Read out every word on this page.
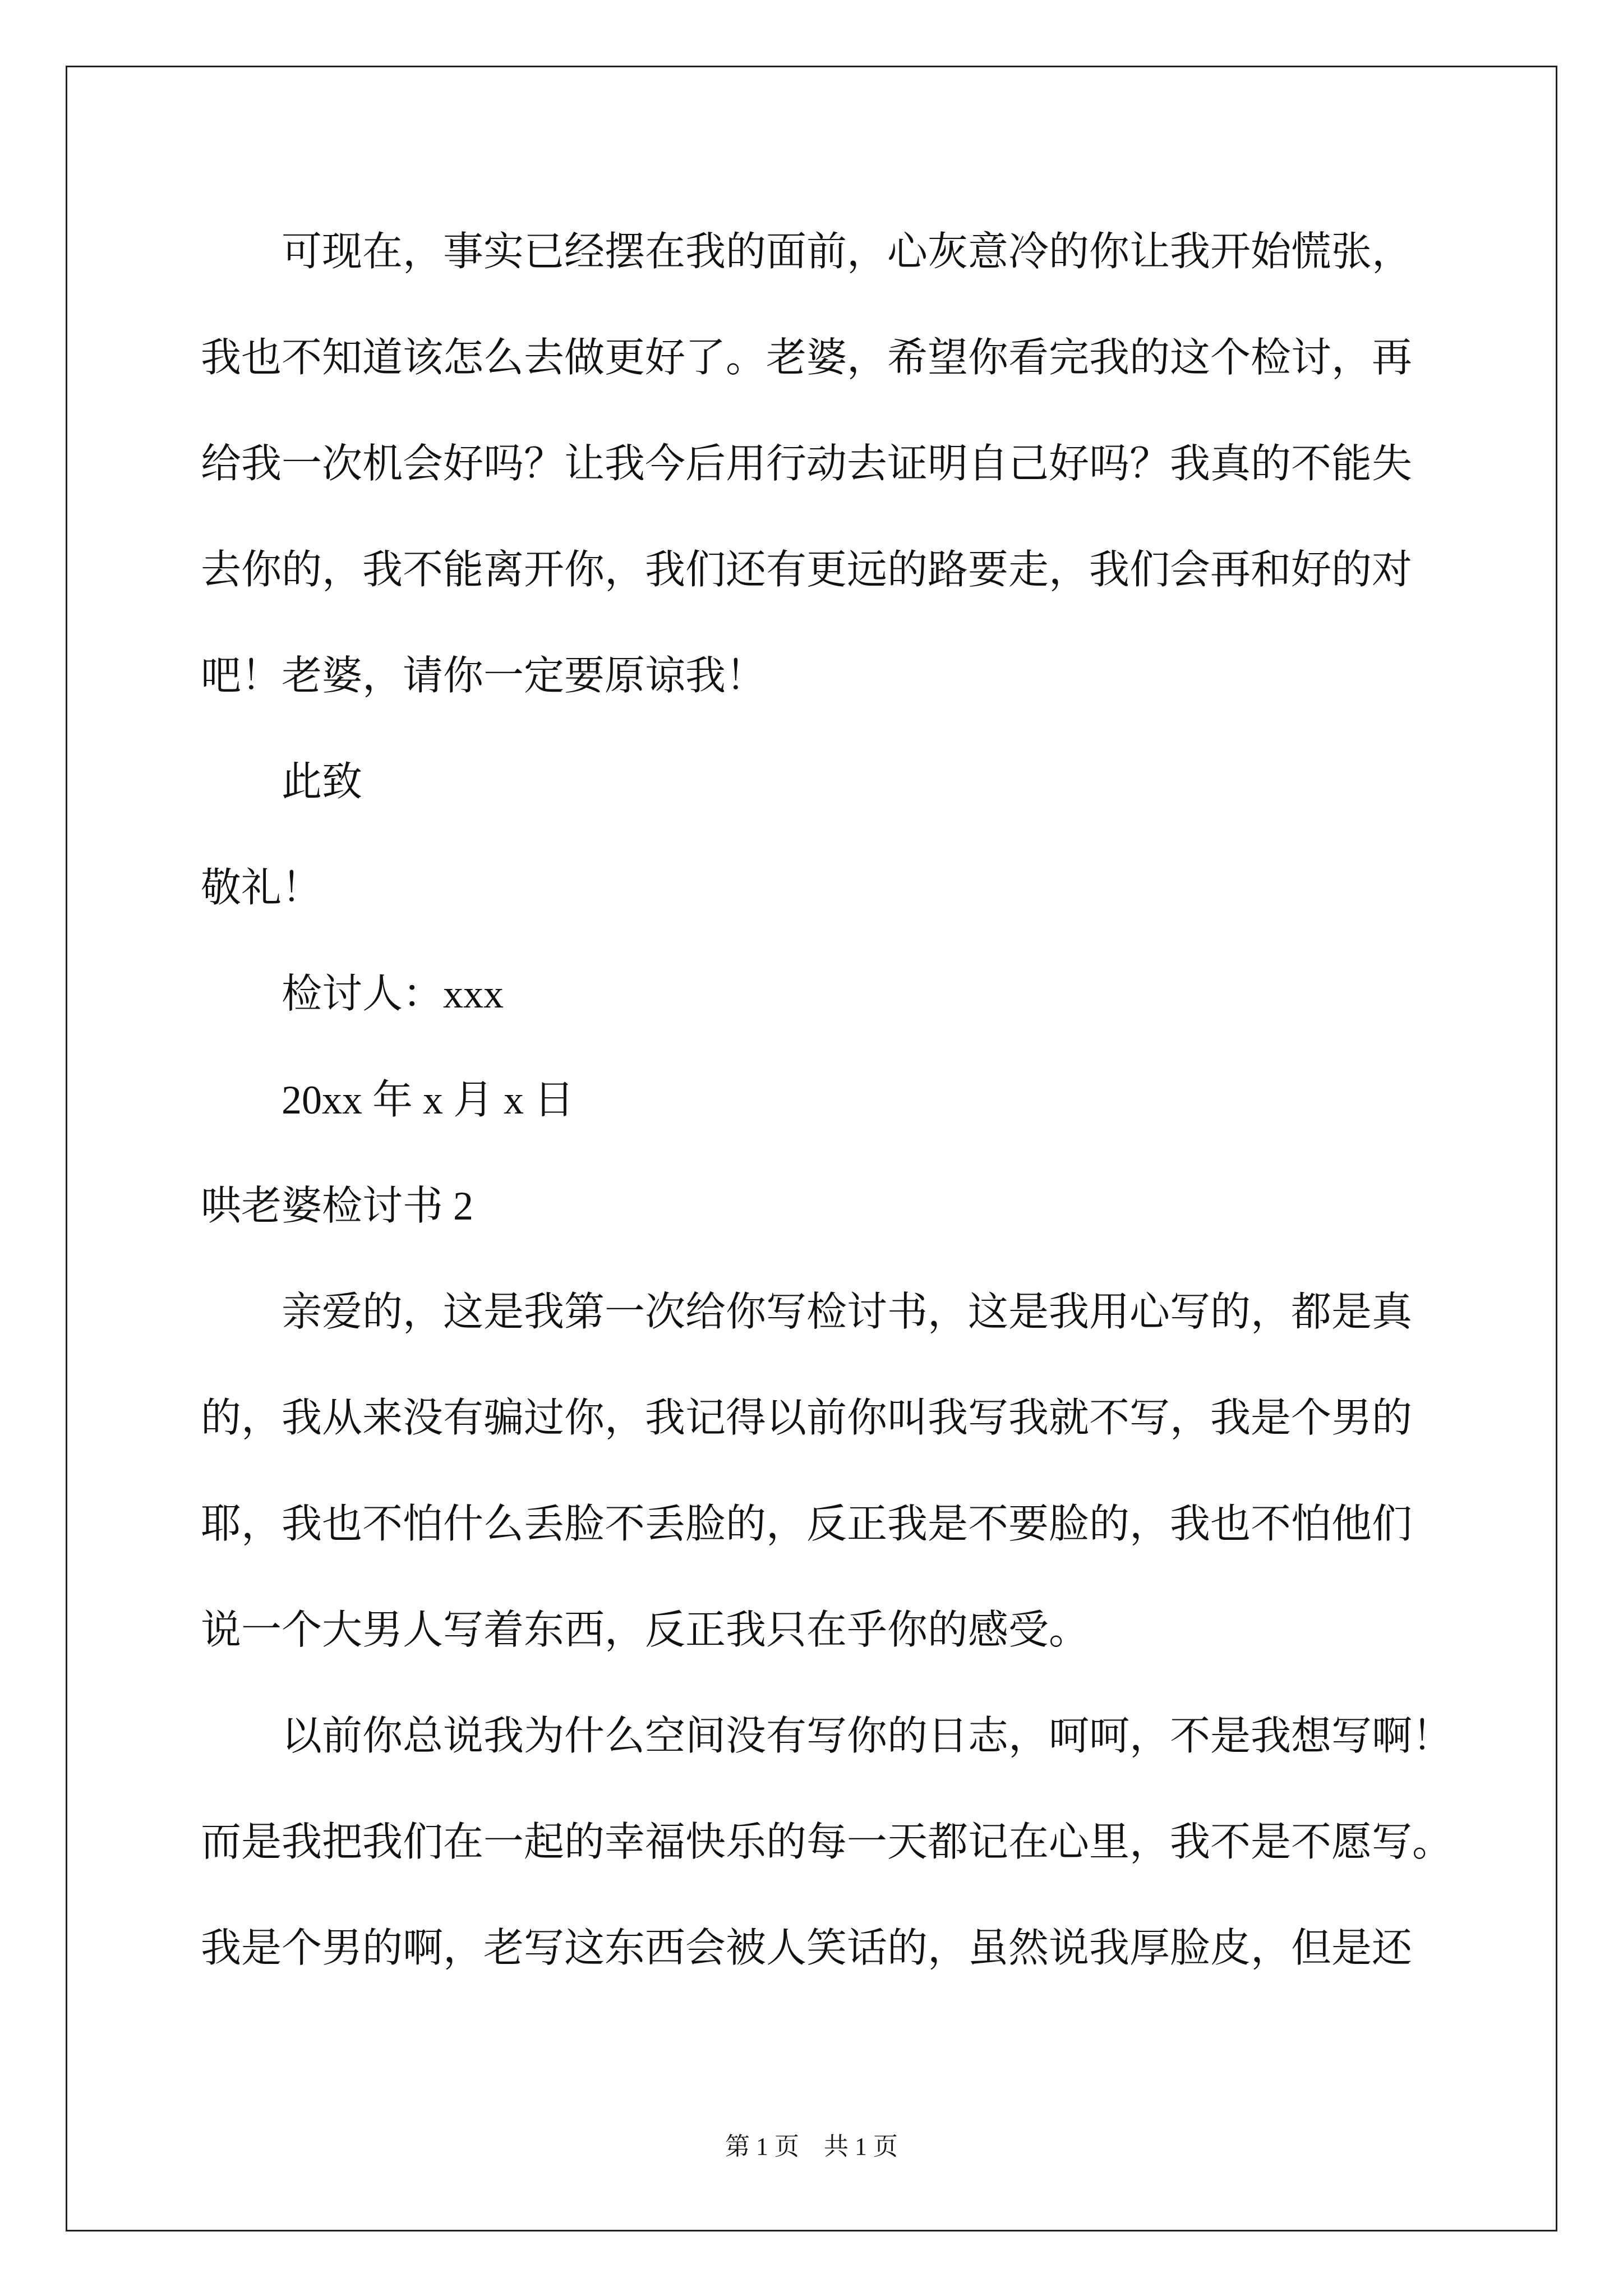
可现在，事实已经摆在我的面前，心灰意冷的你让我开始慌张，
我也不知道该怎么去做更好了。老婆，希望你看完我的这个检讨，再
给我一次机会好吗？让我今后用行动去证明自己好吗？我真的不能失
去你的，我不能离开你，我们还有更远的路要走，我们会再和好的对
吧！老婆，请你一定要原谅我！
此致
敬礼！
检讨人：xxx
20xx 年 x 月 x 日
哄老婆检讨书 2
亲爱的，这是我第一次给你写检讨书，这是我用心写的，都是真
的，我从来没有骗过你，我记得以前你叫我写我就不写，我是个男的
耶，我也不怕什么丢脸不丢脸的，反正我是不要脸的，我也不怕他们
说一个大男人写着东西，反正我只在乎你的感受。
以前你总说我为什么空间没有写你的日志，呵呵，不是我想写啊！
而是我把我们在一起的幸福快乐的每一天都记在心里，我不是不愿写。
我是个男的啊，老写这东西会被人笑话的，虽然说我厚脸皮，但是还
第 1 页　共 1 页
